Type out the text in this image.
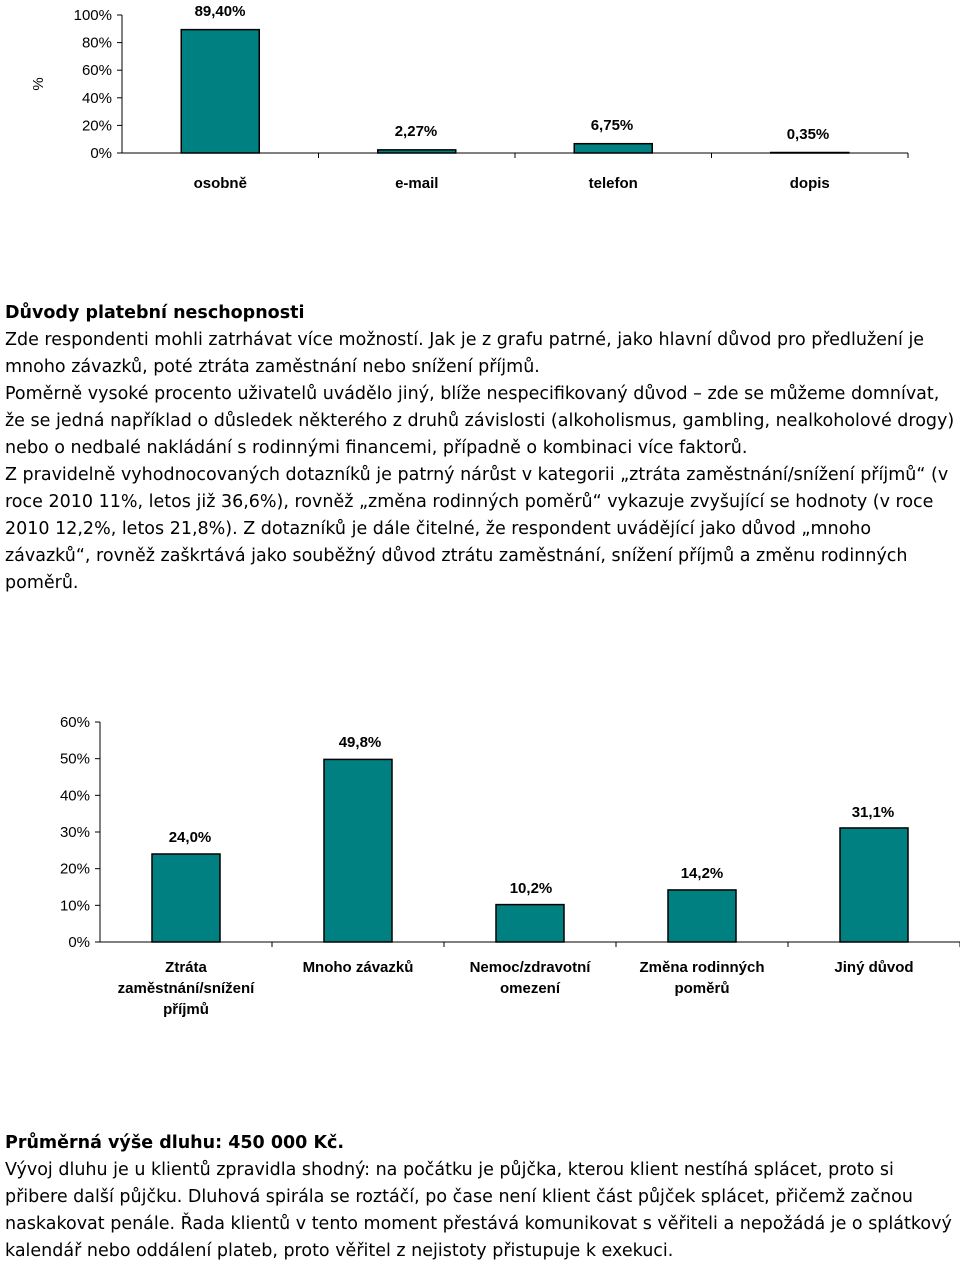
%
100%
80%
60%
40%
20%
0%
89,40%
osobně
2,27%
e-mail
6,75%
telefon
0,35%
dopis

Důvody platební neschopnosti

Zde respondenti mohli zatrhávat více možností. Jak je z grafu patrné, jako hlavní důvod pro předlužení je mnoho závazků, poté ztráta zaměstnání nebo snížení příjmů.

Poměrně vysoké procento uživatelů uvádělo jiný, blíže nespecifikovaný důvod – zde se můžeme domnívat, že se jedná například o důsledek některého z druhů závislosti (alkoholismus, gambling, nealkoholové drogy) nebo o nedbalé nakládání s rodinnými financemi, případně o kombinaci více faktorů.

Z pravidelně vyhodnocovaných dotazníků je patrný nárůst v kategorii „ztráta zaměstnání/snížení příjmů“ (v roce 2010 11%, letos již 36,6%), rovněž „změna rodinných poměrů“ vykazuje zvyšující se hodnoty (v roce 2010 12,2%, letos 21,8%). Z dotazníků je dále čitelné, že respondent uvádějící jako důvod „mnoho závazků“, rovněž zaškrtává jako souběžný důvod ztrátu zaměstnání, snížení příjmů a změnu rodinných poměrů.

60%
50%
40%
30%
20%
10%
0%
24,0%
Ztráta zaměstnání/snížení příjmů
49,8%
Mnoho závazků
10,2%
Nemoc/zdravotní omezení
14,2%
Změna rodinných poměrů
31,1%
Jiný důvod

Průměrná výše dluhu: 450 000 Kč.

Vývoj dluhu je u klientů zpravidla shodný: na počátku je půjčka, kterou klient nestíhá splácet, proto si přibere další půjčku. Dluhová spirála se roztáčí, po čase není klient část půjček splácet, přičemž začnou naskakovat penále. Řada klientů v tento moment přestává komunikovat s věřiteli a nepožádá je o splátkový kalendář nebo oddálení plateb, proto věřitel z nejistoty přistupuje k exekuci.
